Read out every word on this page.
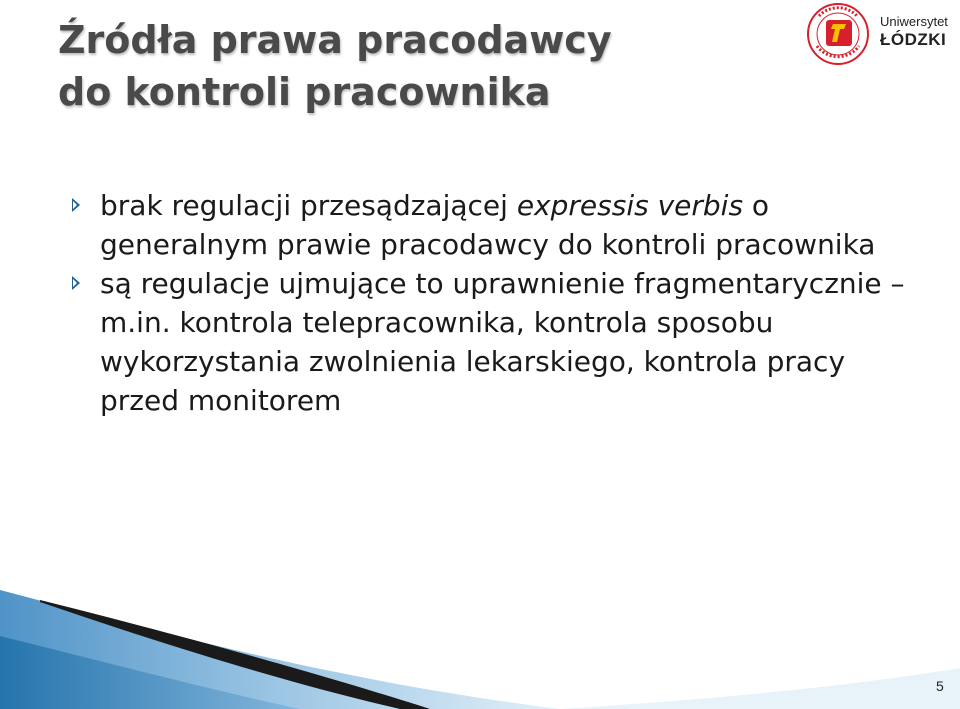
Źródła prawa pracodawcy
do kontroli pracownika
Uniwersytet
ŁÓDZKI
brak regulacji przesądzającej expressis verbis o generalnym prawie pracodawcy do kontroli pracownika
są regulacje ujmujące to uprawnienie fragmentarycznie – m.in. kontrola telepracownika, kontrola sposobu wykorzystania zwolnienia lekarskiego, kontrola pracy przed monitorem
5
